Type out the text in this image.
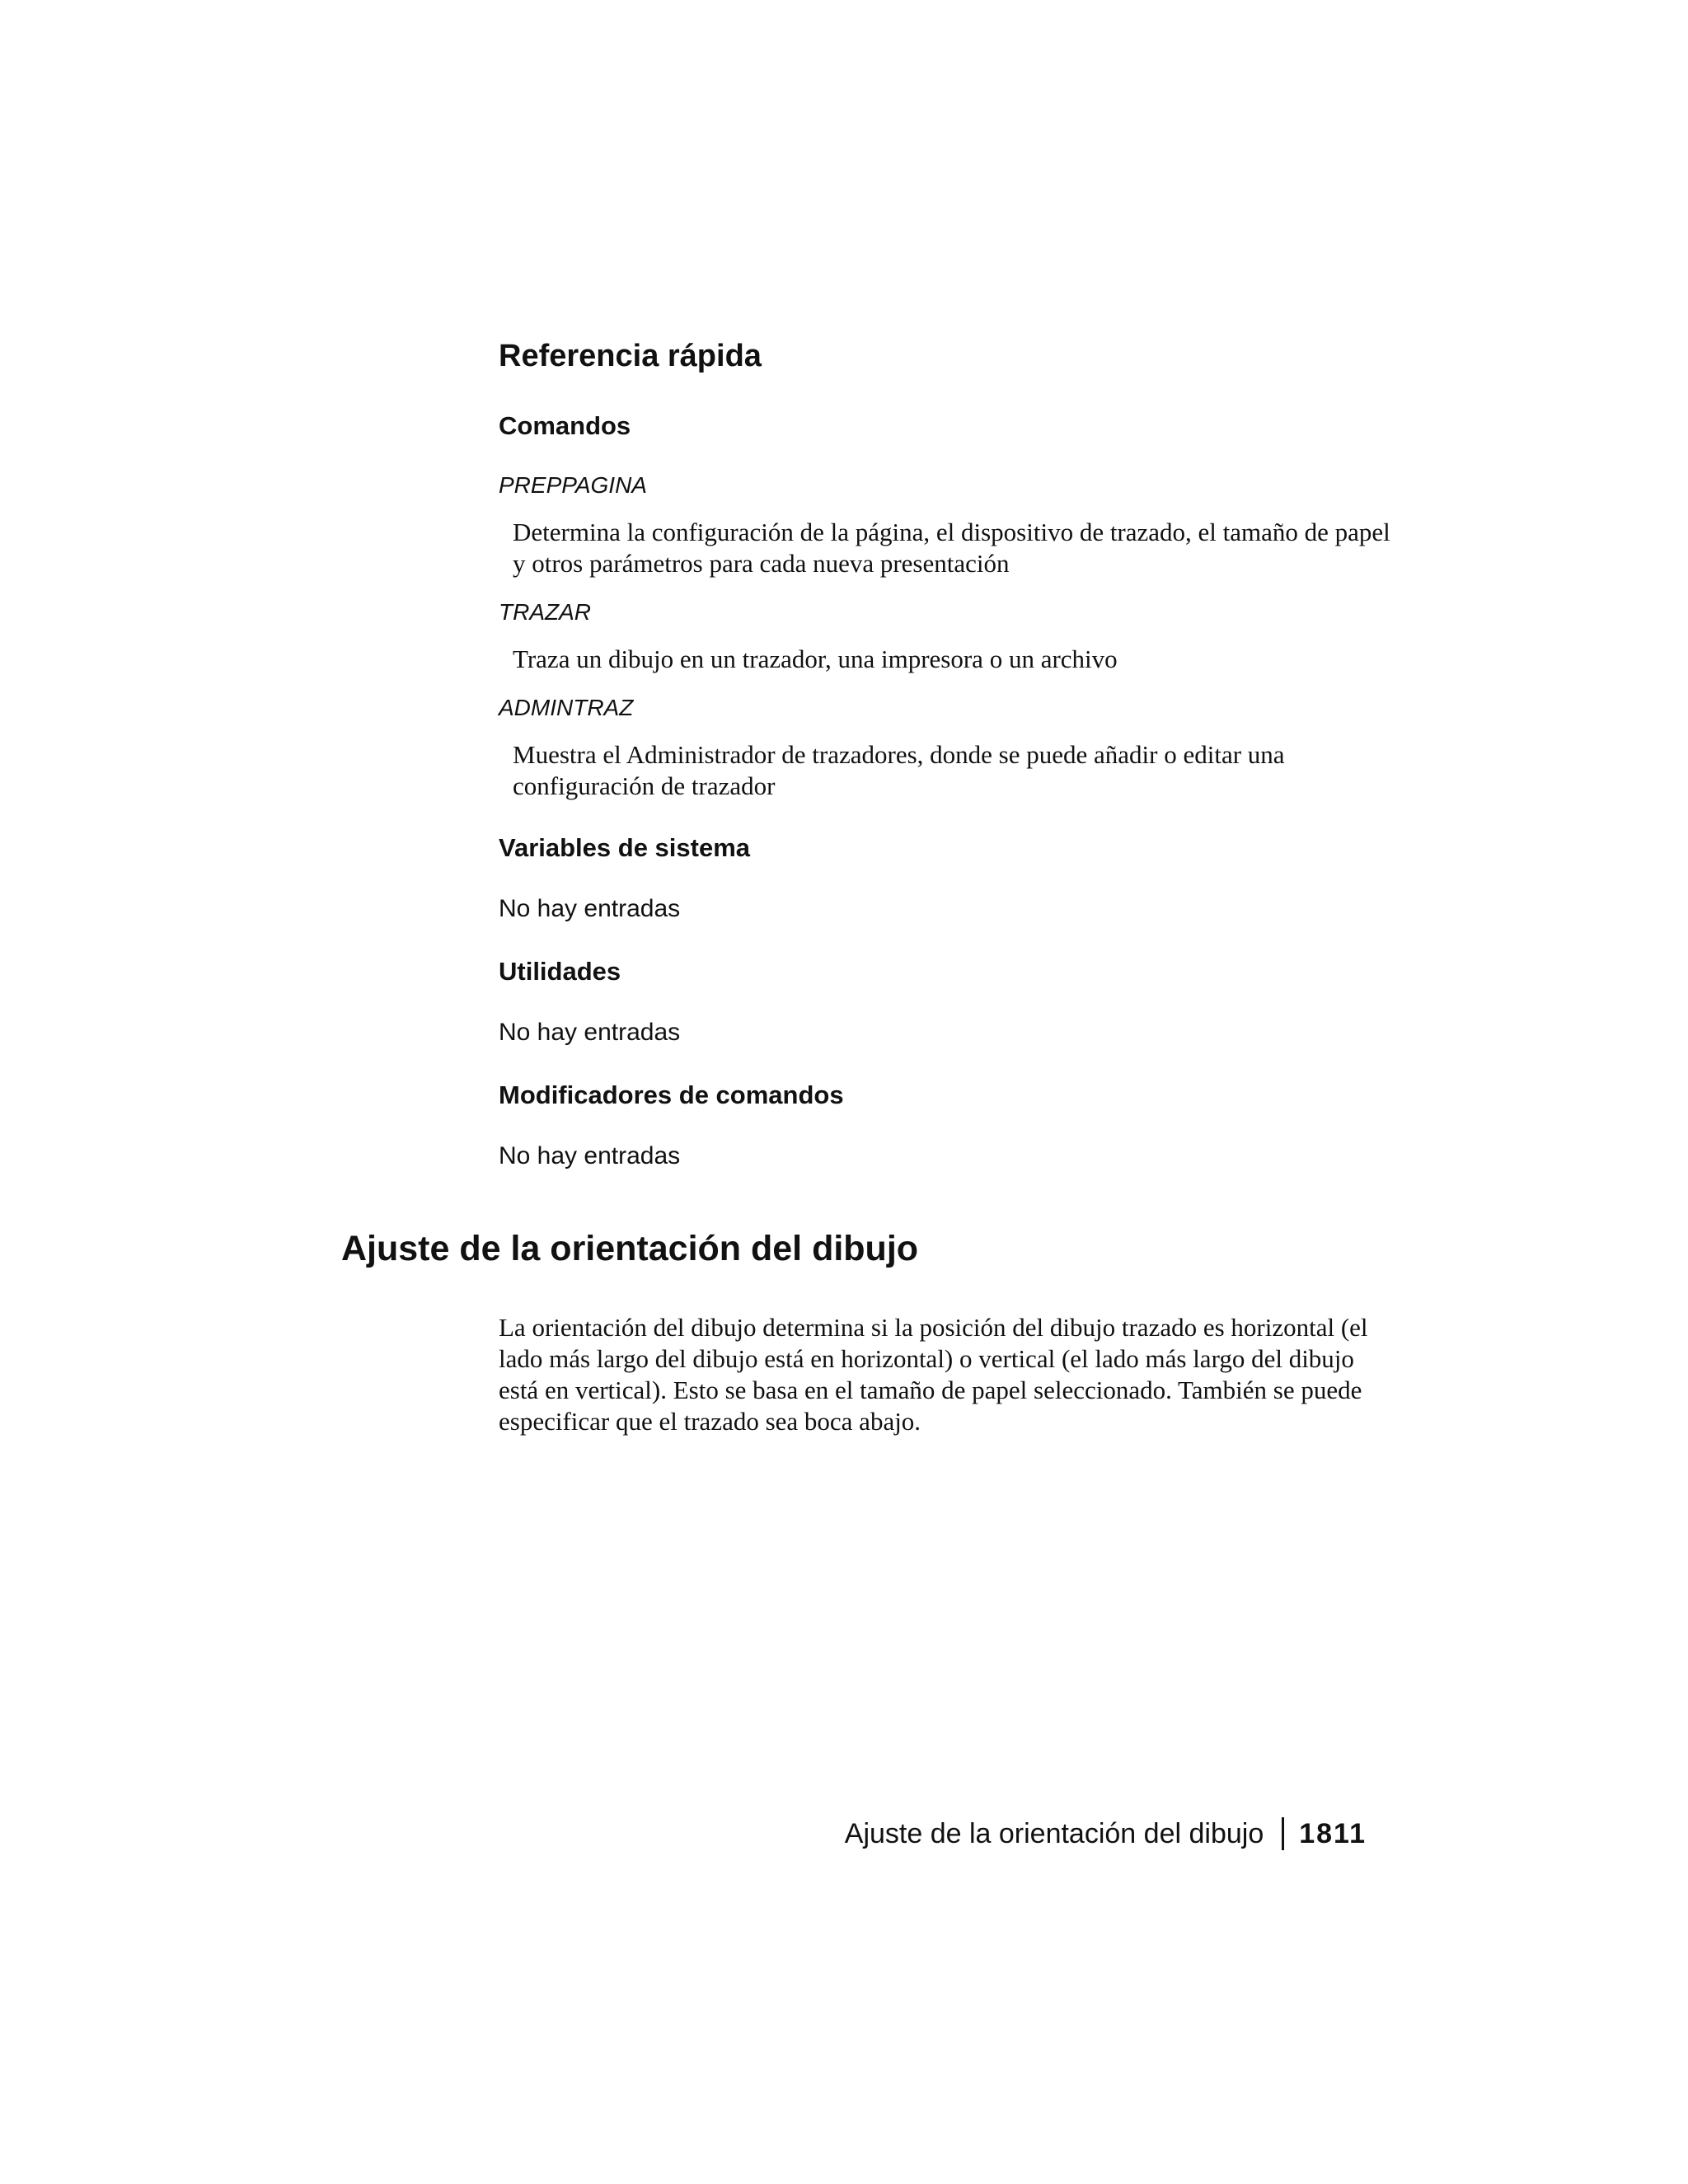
Referencia rápida
Comandos
PREPPAGINA

Determina la configuración de la página, el dispositivo de trazado, el tamaño de papel y otros parámetros para cada nueva presentación

TRAZAR

Traza un dibujo en un trazador, una impresora o un archivo

ADMINTRAZ

Muestra el Administrador de trazadores, donde se puede añadir o editar una configuración de trazador

Variables de sistema
No hay entradas
Utilidades
No hay entradas
Modificadores de comandos
No hay entradas
Ajuste de la orientación del dibujo

La orientación del dibujo determina si la posición del dibujo trazado es horizontal (el lado más largo del dibujo está en horizontal) o vertical (el lado más largo del dibujo está en vertical). Esto se basa en el tamaño de papel seleccionado. También se puede especificar que el trazado sea boca abajo.

Ajuste de la orientación del dibujo 1811
